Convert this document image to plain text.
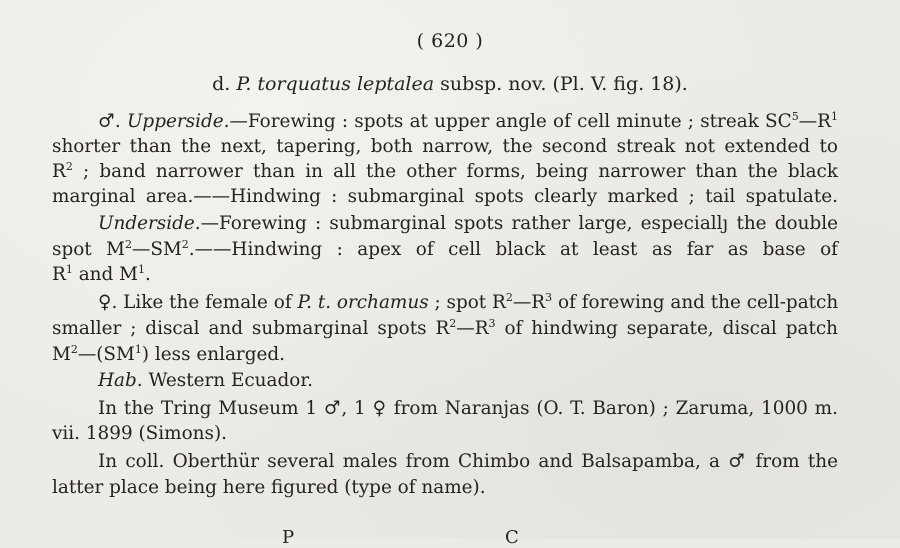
( 620 )
d. P. torquatus leptalea subsp. nov. (Pl. V. fig. 18).
♂. Upperside.—Forewing : spots at upper angle of cell minute ; streak $SC^5—R^1$
shorter than the next, tapering, both narrow, the second streak not extended to
$R^2$ ; band narrower than in all the other forms, being narrower than the black
marginal area.——Hindwing : submarginal spots clearly marked ; tail spatulate.
Underside.—Forewing : submarginal spots rather large, especiallȷ the double
spot $M^2—SM^2.——Hindwing$ : apex of cell black at least as far as base of
$R^1$ and $M^1$.
♀. Like the female of P. t. orchamus ; spot $R^2—R^3$ of forewing and the cell-patch
smaller ; discal and submarginal spots $R^2—R^3$ of hindwing separate, discal patch
$M^2—(SM^1)$ less enlarged.
Hab. Western Ecuador.
In the Tring Museum 1 ♂, 1 ♀ from Naranjas (O. T. Baron) ; Zaruma, 1000 m.
vii. 1899 (Simons).
In coll. Oberthür several males from Chimbo and Balsapamba, a ♂ from the
latter place being here figured (type of name).
P	C
